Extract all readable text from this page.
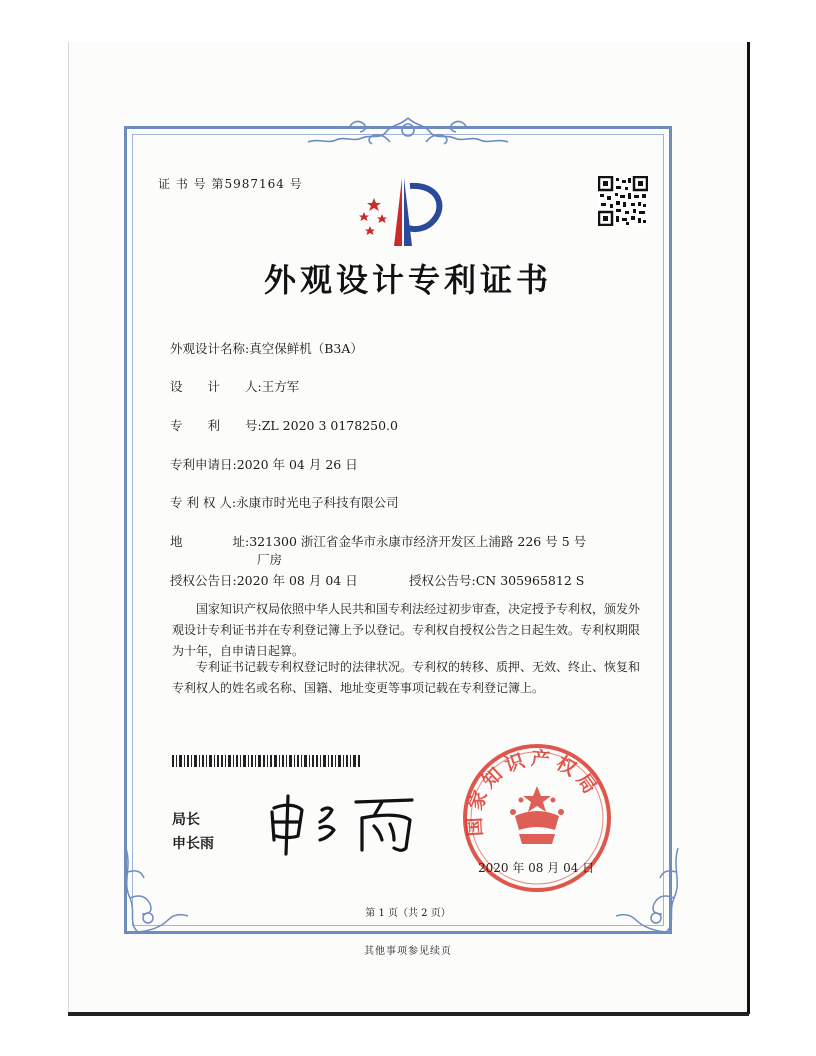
证 书 号 第5987164 号
外观设计专利证书
外观设计名称:真空保鲜机（B3A）
设　　计　　人:王方军
专　　利　　号:ZL 2020 3 0178250.0
专利申请日:2020 年 04 月 26 日
专 利 权 人:永康市时光电子科技有限公司
地　　　　址:321300 浙江省金华市永康市经济开发区上浦路 226 号 5 号
厂房
授权公告日:2020 年 08 月 04 日	授权公告号:CN 305965812 S

国家知识产权局依照中华人民共和国专利法经过初步审查，决定授予专利权，颁发外观设计专利证书并在专利登记簿上予以登记。专利权自授权公告之日起生效。专利权期限为十年，自申请日起算。

专利证书记载专利权登记时的法律状况。专利权的转移、质押、无效、终止、恢复和专利权人的姓名或名称、国籍、地址变更等事项记载在专利登记簿上。

局长
申长雨
国家知识产权局
2020 年 08 月 04 日
第 1 页（共 2 页）
其他事项参见续页
